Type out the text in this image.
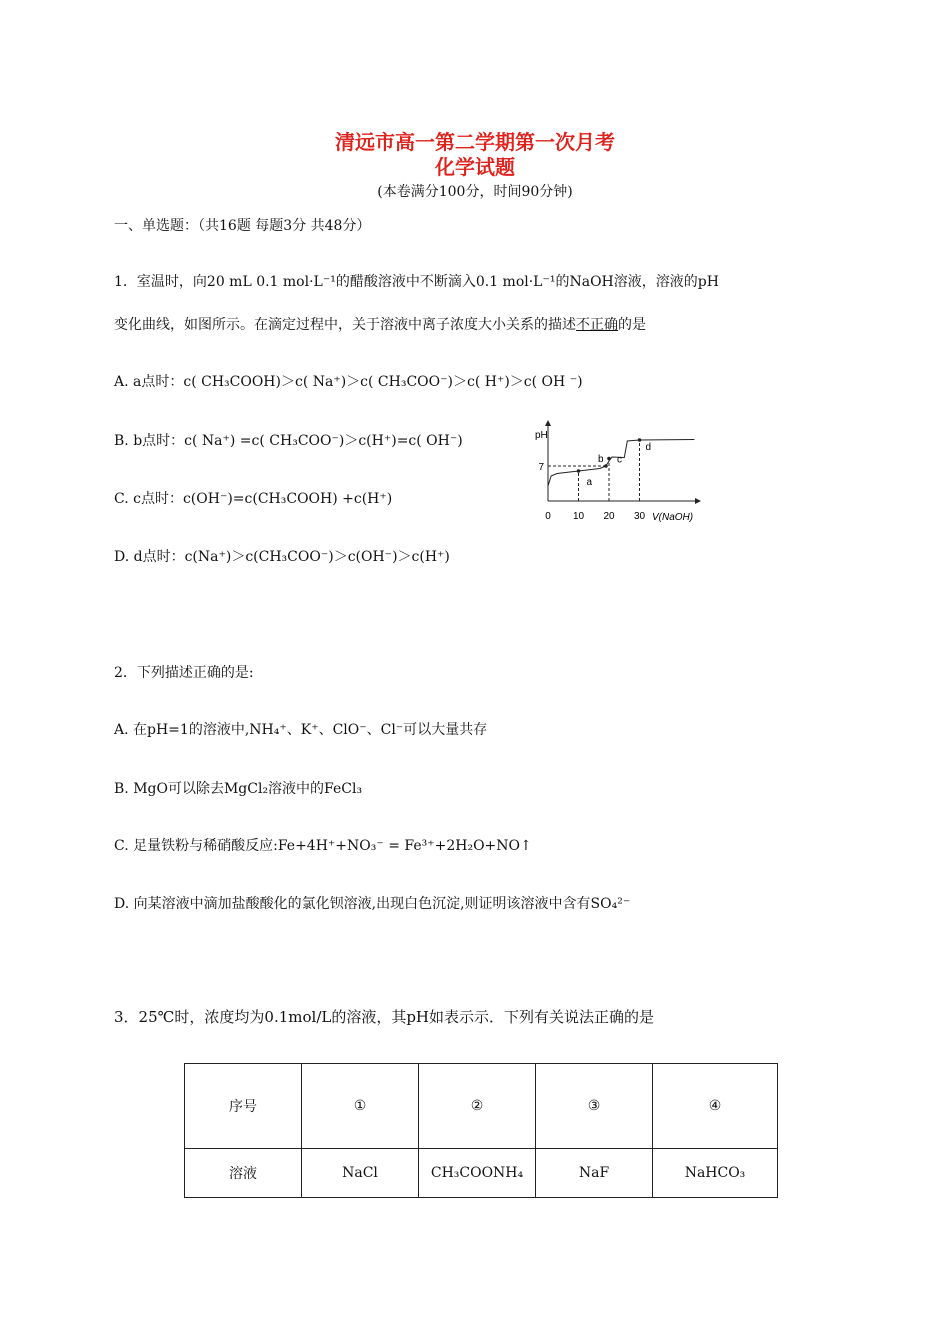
清远市高一第二学期第一次月考
化学试题
(本卷满分100分，时间90分钟)
一、单选题：（共16题 每题3分 共48分）
1．室温时，向20 mL 0.1 mol·L⁻¹的醋酸溶液中不断滴入0.1 mol·L⁻¹的NaOH溶液，溶液的pH
变化曲线，如图所示。在滴定过程中，关于溶液中离子浓度大小关系的描述不正确的是
A. a点时：c( CH₃COOH)＞c( Na⁺)＞c( CH₃COO⁻)＞c( H⁺)＞c( OH ⁻)
B. b点时：c( Na⁺) =c( CH₃COO⁻)＞c(H⁺)=c( OH⁻)
C. c点时：c(OH⁻)=c(CH₃COOH) +c(H⁺)
D. d点时：c(Na⁺)＞c(CH₃COO⁻)＞c(OH⁻)＞c(H⁺)
a
b c
d
pH
V(NaOH)
0 10 20 30
7
2．下列描述正确的是:
A. 在pH=1的溶液中,NH₄⁺、K⁺、ClO⁻、Cl⁻可以大量共存
B. MgO可以除去MgCl₂溶液中的FeCl₃
C. 足量铁粉与稀硝酸反应:Fe+4H⁺+NO₃⁻ = Fe³⁺+2H₂O+NO↑
D. 向某溶液中滴加盐酸酸化的氯化钡溶液,出现白色沉淀,则证明该溶液中含有SO₄²⁻
3．25℃时，浓度均为0.1mol/L的溶液，其pH如表示示．下列有关说法正确的是
序号	①	②	③	④
溶液	NaCl	CH₃COONH₄	NaF	NaHCO₃
